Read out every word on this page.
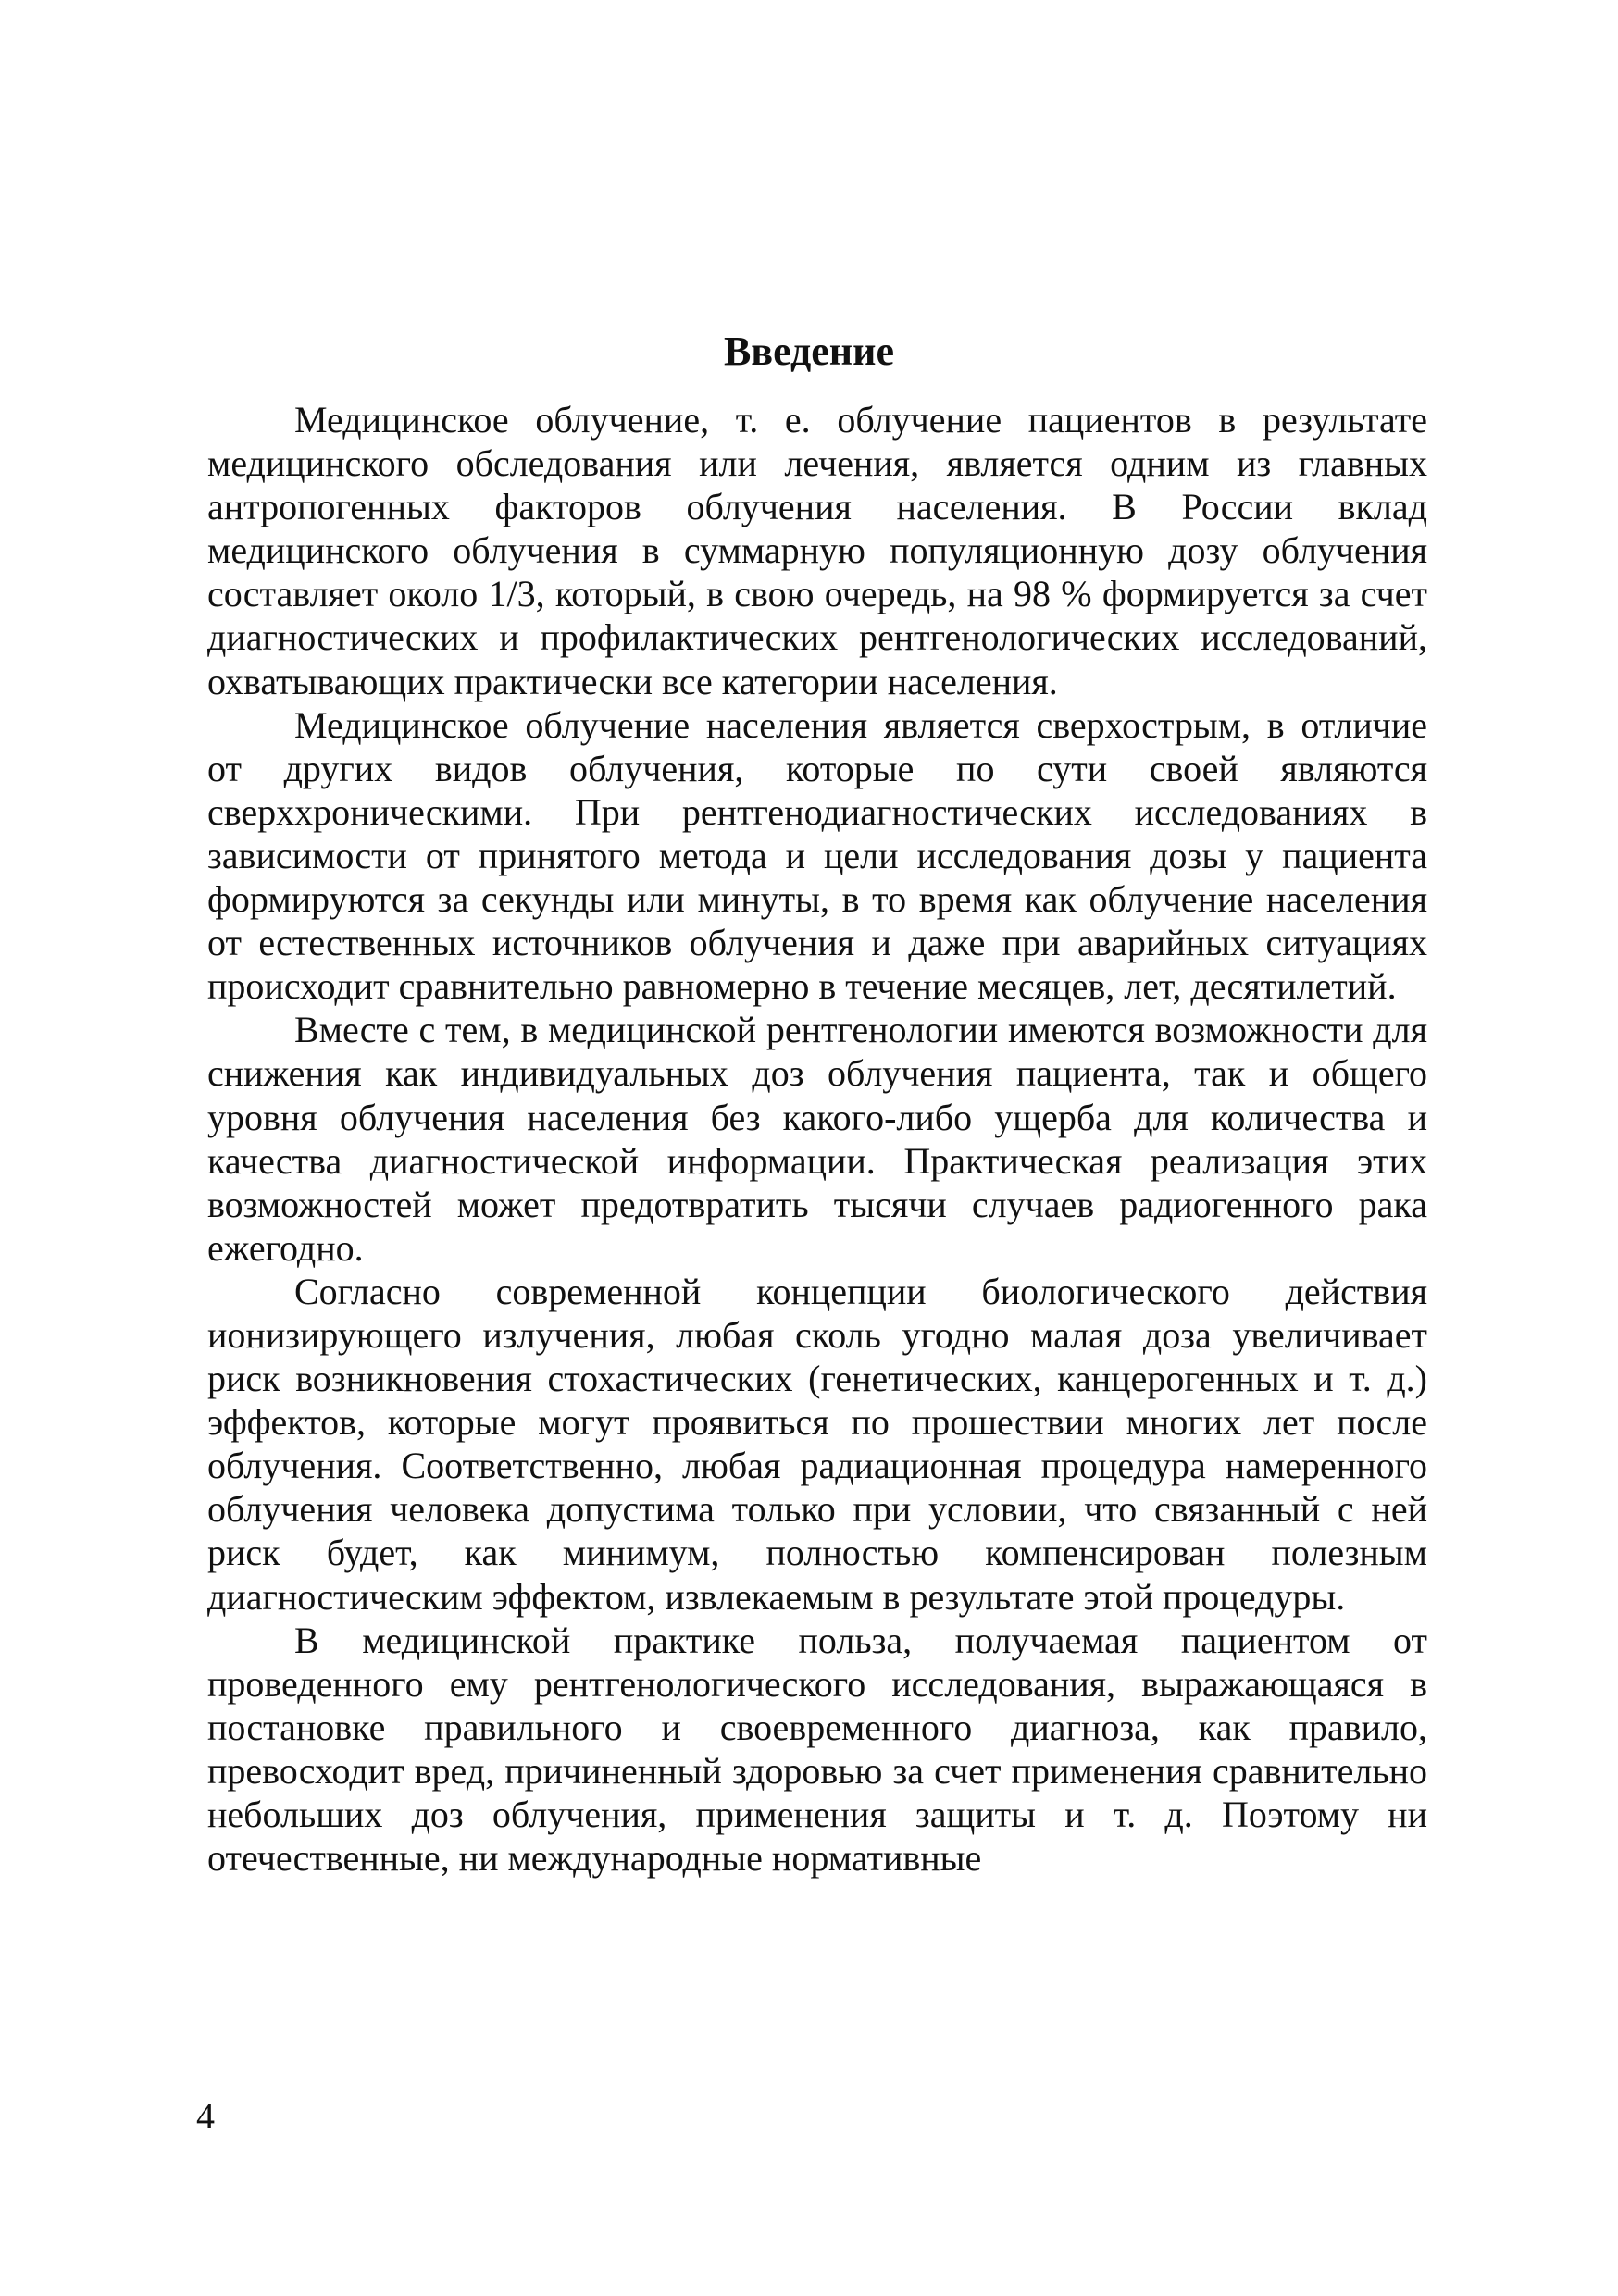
Введение

Медицинское облучение, т. е. облучение пациентов в результате медицинского обследования или лечения, является одним из главных антропогенных факторов облучения населения. В России вклад медицинского облучения в суммарную популяционную дозу облучения составляет около 1/3, который, в свою очередь, на 98 % формируется за счет диагностических и профилактических рентгенологических исследований, охватывающих практически все категории населения.

Медицинское облучение населения является сверхострым, в отличие от других видов облучения, которые по сути своей являются сверххроническими. При рентгенодиагностических исследованиях в зависимости от принятого метода и цели исследования дозы у пациента формируются за секунды или минуты, в то время как облучение населения от естественных источников облучения и даже при аварийных ситуациях происходит сравнительно равномерно в течение месяцев, лет, десятилетий.

Вместе с тем, в медицинской рентгенологии имеются возможности для снижения как индивидуальных доз облучения пациента, так и общего уровня облучения населения без какого-либо ущерба для количества и качества диагностической информации. Практическая реализация этих возможностей может предотвратить тысячи случаев радиогенного рака ежегодно.

Согласно современной концепции биологического действия ионизирующего излучения, любая сколь угодно малая доза увеличивает риск возникновения стохастических (генетических, канцерогенных и т. д.) эффектов, которые могут проявиться по прошествии многих лет после облучения. Соответственно, любая радиационная процедура намеренного облучения человека допустима только при условии, что связанный с ней риск будет, как минимум, полностью компенсирован полезным диагностическим эффектом, извлекаемым в результате этой процедуры.

В медицинской практике польза, получаемая пациентом от проведенного ему рентгенологического исследования, выражающаяся в постановке правильного и своевременного диагноза, как правило, превосходит вред, причиненный здоровью за счет применения сравнительно небольших доз облучения, применения защиты и т. д. Поэтому ни отечественные, ни международные нормативные

4
